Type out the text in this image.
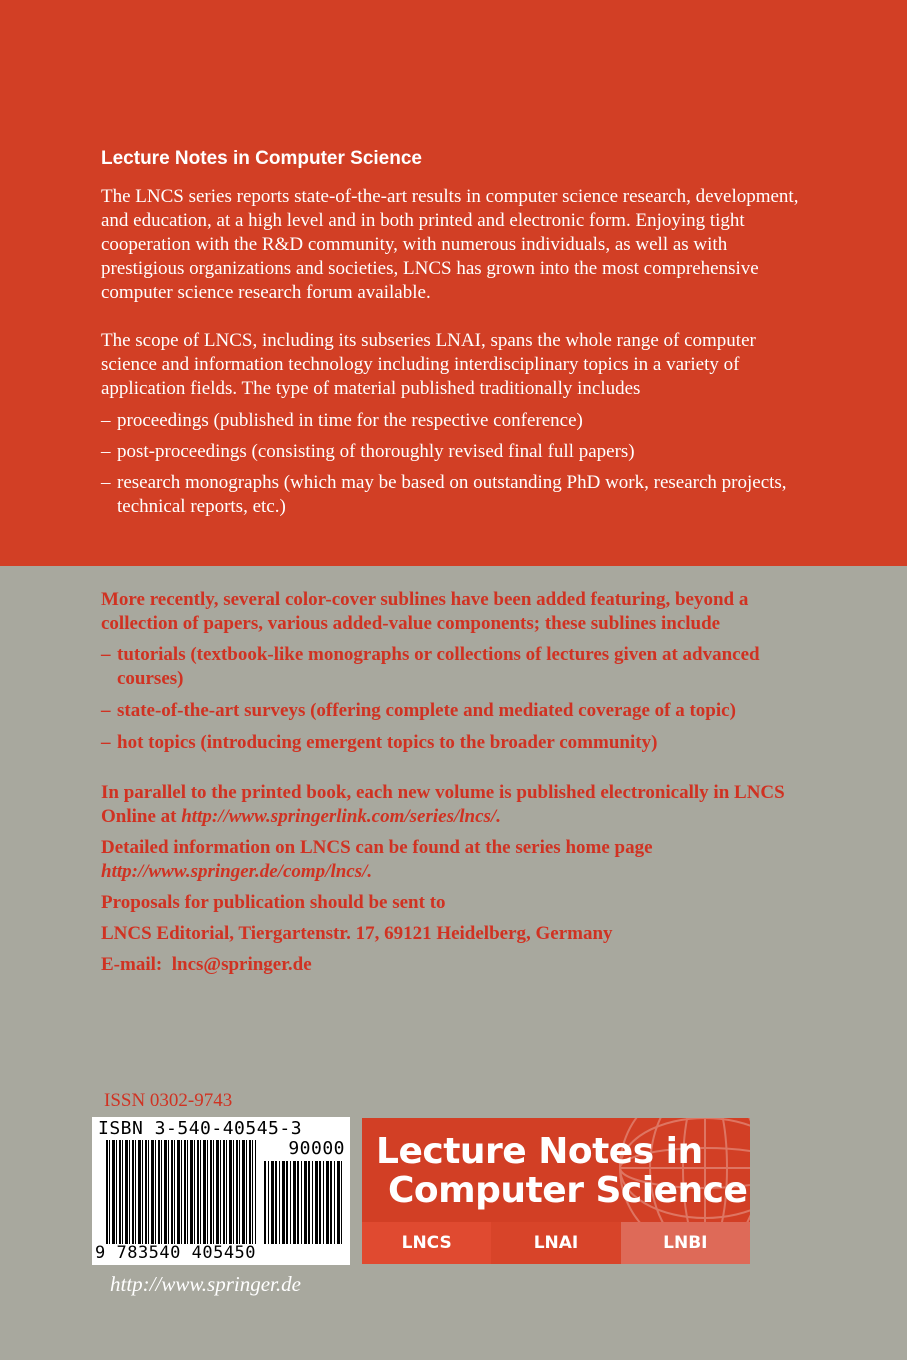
Lecture Notes in Computer Science

The LNCS series reports state-of-the-art results in computer science research, development, and education, at a high level and in both printed and electronic form. Enjoying tight cooperation with the R&D community, with numerous individuals, as well as with prestigious organizations and societies, LNCS has grown into the most comprehensive computer science research forum available.

The scope of LNCS, including its subseries LNAI, spans the whole range of computer science and information technology including interdisciplinary topics in a variety of application fields. The type of material published traditionally includes

– proceedings (published in time for the respective conference)
– post-proceedings (consisting of thoroughly revised final full papers)
– research monographs (which may be based on outstanding PhD work, research projects, technical reports, etc.)

More recently, several color-cover sublines have been added featuring, beyond a collection of papers, various added-value components; these sublines include

– tutorials (textbook-like monographs or collections of lectures given at advanced courses)
– state-of-the-art surveys (offering complete and mediated coverage of a topic)
– hot topics (introducing emergent topics to the broader community)

In parallel to the printed book, each new volume is published electronically in LNCS Online at http://www.springerlink.com/series/lncs/.

Detailed information on LNCS can be found at the series home page http://www.springer.de/comp/lncs/.

Proposals for publication should be sent to

LNCS Editorial, Tiergartenstr. 17, 69121 Heidelberg, Germany

E-mail: lncs@springer.de

ISSN 0302-9743
ISBN 3-540-40545-3
90000
9 783540 405450
http://www.springer.de
Lecture Notes in
Computer Science
LNCS	LNAI	LNBI
